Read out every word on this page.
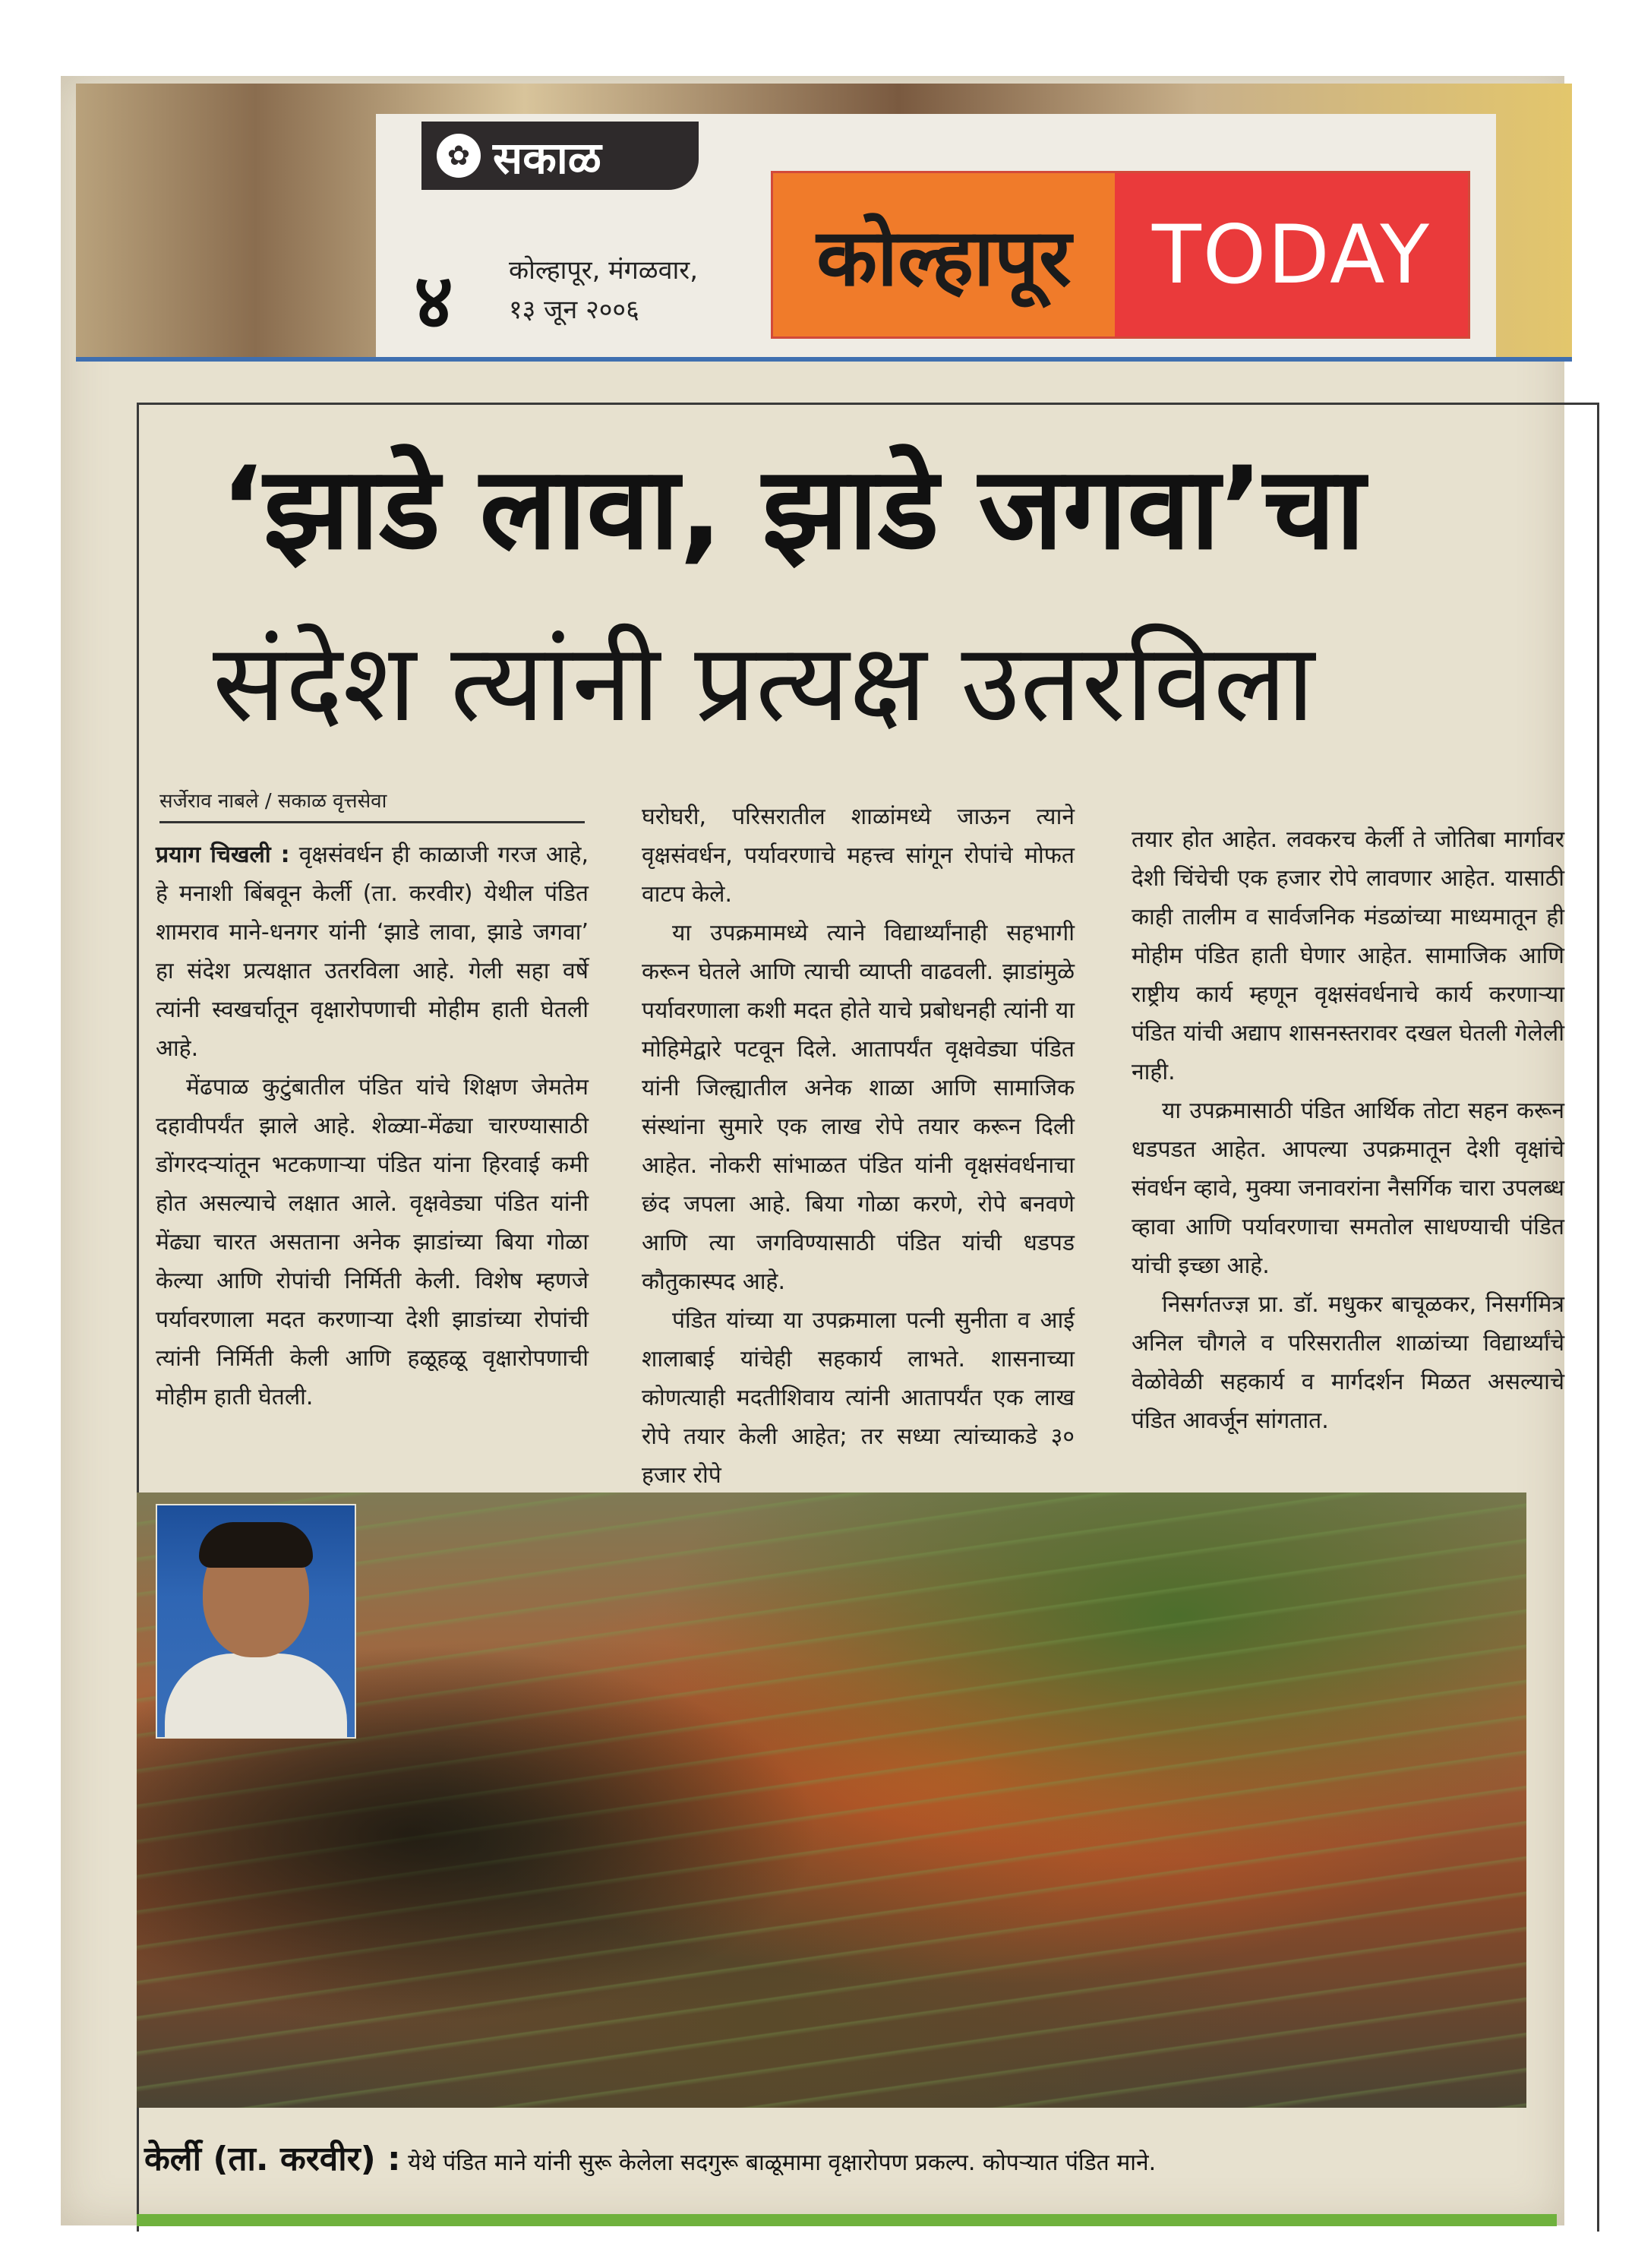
✿ सकाळ
४ कोल्हापूर, मंगळवार,
१३ जून २००६
कोल्हापूर	TODAY
‘झाडे लावा, झाडे जगवा’चा
संदेश त्यांनी प्रत्यक्ष उतरविला
सर्जेराव नाबले / सकाळ वृत्तसेवा

प्रयाग चिखली : वृक्षसंवर्धन ही काळाजी गरज आहे, हे मनाशी बिंबवून केर्ली (ता. करवीर) येथील पंडित शामराव माने-धनगर यांनी ‘झाडे लावा, झाडे जगवा’ हा संदेश प्रत्यक्षात उतरविला आहे. गेली सहा वर्षे त्यांनी स्वखर्चातून वृक्षारोपणाची मोहीम हाती घेतली आहे.

मेंढपाळ कुटुंबातील पंडित यांचे शिक्षण जेमतेम दहावीपर्यंत झाले आहे. शेळ्या-मेंढ्या चारण्यासाठी डोंगरदऱ्यांतून भटकणाऱ्या पंडित यांना हिरवाई कमी होत असल्याचे लक्षात आले. वृक्षवेड्या पंडित यांनी मेंढ्या चारत असताना अनेक झाडांच्या बिया गोळा केल्या आणि रोपांची निर्मिती केली. विशेष म्हणजे पर्यावरणाला मदत करणाऱ्या देशी झाडांच्या रोपांची त्यांनी निर्मिती केली आणि हळूहळू वृक्षारोपणाची मोहीम हाती घेतली.

घरोघरी, परिसरातील शाळांमध्ये जाऊन त्याने वृक्षसंवर्धन, पर्यावरणाचे महत्त्व सांगून रोपांचे मोफत वाटप केले.

या उपक्रमामध्ये त्याने विद्यार्थ्यांनाही सहभागी करून घेतले आणि त्याची व्याप्ती वाढवली. झाडांमुळे पर्यावरणाला कशी मदत होते याचे प्रबोधनही त्यांनी या मोहिमेद्वारे पटवून दिले. आतापर्यंत वृक्षवेड्या पंडित यांनी जिल्ह्यातील अनेक शाळा आणि सामाजिक संस्थांना सुमारे एक लाख रोपे तयार करून दिली आहेत. नोकरी सांभाळत पंडित यांनी वृक्षसंवर्धनाचा छंद जपला आहे. बिया गोळा करणे, रोपे बनवणे आणि त्या जगविण्यासाठी पंडित यांची धडपड कौतुकास्पद आहे.

पंडित यांच्या या उपक्रमाला पत्नी सुनीता व आई शालाबाई यांचेही सहकार्य लाभते. शासनाच्या कोणत्याही मदतीशिवाय त्यांनी आतापर्यंत एक लाख रोपे तयार केली आहेत; तर सध्या त्यांच्याकडे ३० हजार रोपे

तयार होत आहेत. लवकरच केर्ली ते जोतिबा मार्गावर देशी चिंचेची एक हजार रोपे लावणार आहेत. यासाठी काही तालीम व सार्वजनिक मंडळांच्या माध्यमातून ही मोहीम पंडित हाती घेणार आहेत. सामाजिक आणि राष्ट्रीय कार्य म्हणून वृक्षसंवर्धनाचे कार्य करणाऱ्या पंडित यांची अद्याप शासनस्तरावर दखल घेतली गेलेली नाही.

या उपक्रमासाठी पंडित आर्थिक तोटा सहन करून धडपडत आहेत. आपल्या उपक्रमातून देशी वृक्षांचे संवर्धन व्हावे, मुक्या जनावरांना नैसर्गिक चारा उपलब्ध व्हावा आणि पर्यावरणाचा समतोल साधण्याची पंडित यांची इच्छा आहे.

निसर्गतज्ज्ञ प्रा. डॉ. मधुकर बाचूळकर, निसर्गमित्र अनिल चौगले व परिसरातील शाळांच्या विद्यार्थ्यांचे वेळोवेळी सहकार्य व मार्गदर्शन मिळत असल्याचे पंडित आवर्जून सांगतात.

केर्ली (ता. करवीर) : येथे पंडित माने यांनी सुरू केलेला सदगुरू बाळूमामा वृक्षारोपण प्रकल्प. कोपऱ्यात पंडित माने.
